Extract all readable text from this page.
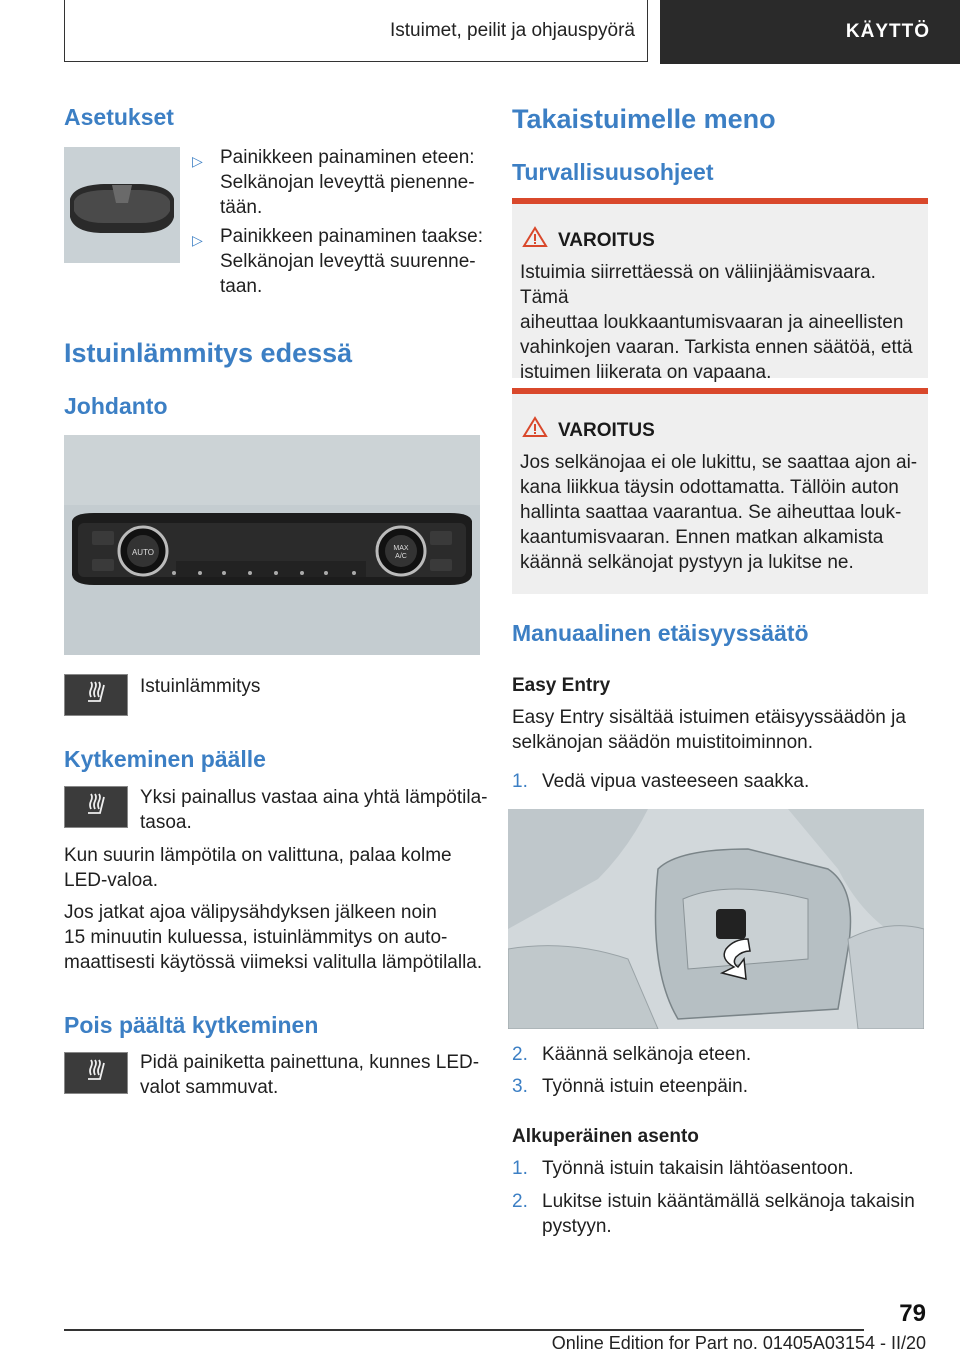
Istuimet, peilit ja ohjauspyörä	KÄYTTÖ
Asetukset
▷ Painikkeen painaminen eteen:
Selkänojan leveyttä pienenne-
tään.
▷ Painikkeen painaminen taakse:
Selkänojan leveyttä suurenne-
taan.
Istuinlämmitys edessä
Johdanto
AUTO	MAX
A/C
Istuinlämmitys
Kytkeminen päälle
Yksi painallus vastaa aina yhtä lämpötila-
tasoa.
Kun suurin lämpötila on valittuna, palaa kolme
LED-valoa.
Jos jatkat ajoa välipysähdyksen jälkeen noin
15 minuutin kuluessa, istuinlämmitys on auto-
maattisesti käytössä viimeksi valitulla lämpötilalla.
Pois päältä kytkeminen
Pidä painiketta painettuna, kunnes LED-
valot sammuvat.
Takaistuimelle meno
Turvallisuusohjeet
VAROITUS
Istuimia siirrettäessä on väliinjäämisvaara. Tämä
aiheuttaa loukkaantumisvaaran ja aineellisten
vahinkojen vaaran. Tarkista ennen säätöä, että
istuimen liikerata on vapaana.
VAROITUS
Jos selkänojaa ei ole lukittu, se saattaa ajon ai-
kana liikkua täysin odottamatta. Tällöin auton
hallinta saattaa vaarantua. Se aiheuttaa louk-
kaantumisvaaran. Ennen matkan alkamista
käännä selkänojat pystyyn ja lukitse ne.
Manuaalinen etäisyyssäätö
Easy Entry
Easy Entry sisältää istuimen etäisyyssäädön ja
selkänojan säädön muistitoiminnon.
1. Vedä vipua vasteeseen saakka.
2. Käännä selkänoja eteen.
3. Työnnä istuin eteenpäin.
Alkuperäinen asento
1. Työnnä istuin takaisin lähtöasentoon.
2. Lukitse istuin kääntämällä selkänoja takaisin
pystyyn.
79
Online Edition for Part no. 01405A03154 - II/20
